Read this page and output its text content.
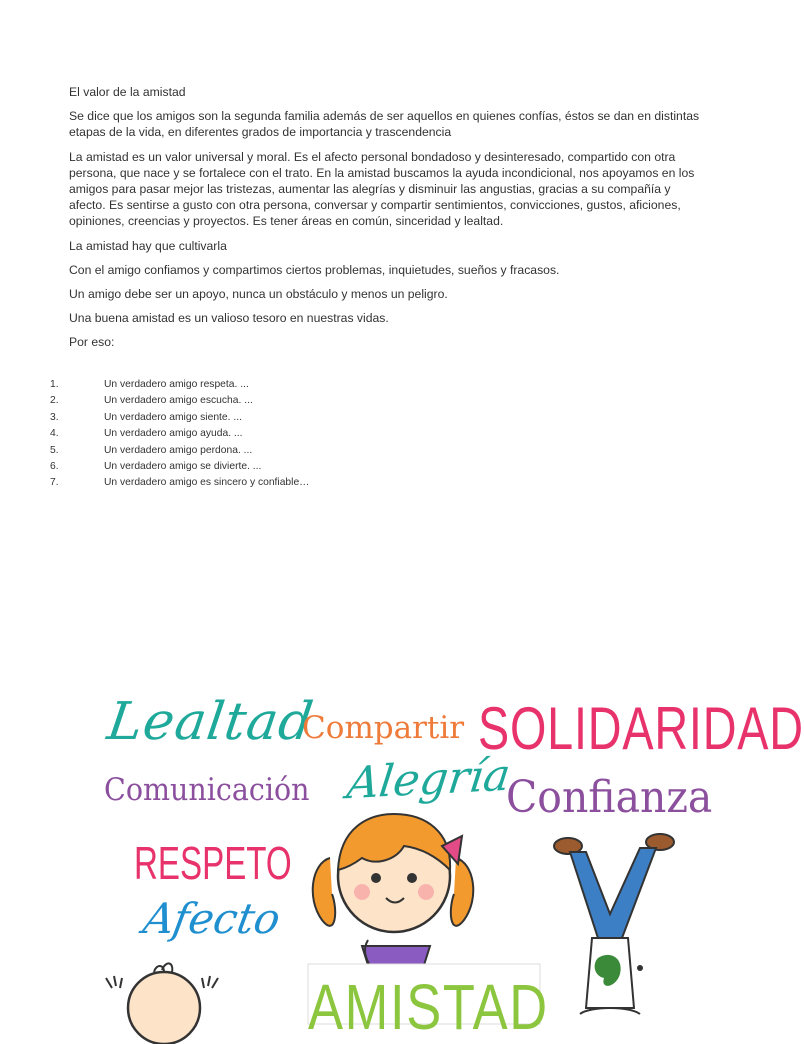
El valor de la amistad

Se dice que los amigos son la segunda familia además de ser aquellos en quienes confías, éstos se dan en distintas etapas de la vida, en diferentes grados de importancia y trascendencia

La amistad es un valor universal y moral. Es el afecto personal bondadoso y desinteresado, compartido con otra persona, que nace y se fortalece con el trato. En la amistad buscamos la ayuda incondicional, nos apoyamos en los amigos para pasar mejor las tristezas, aumentar las alegrías y disminuir las angustias, gracias a su compañía y afecto. Es sentirse a gusto con otra persona, conversar y compartir sentimientos, convicciones, gustos, aficiones, opiniones, creencias y proyectos. Es tener áreas en común, sinceridad y lealtad.

La amistad hay que cultivarla

Con el amigo confiamos y compartimos ciertos problemas, inquietudes, sueños y fracasos.

Un amigo debe ser un apoyo, nunca un obstáculo y menos un peligro.

Una buena amistad es un valioso tesoro en nuestras vidas.

Por eso:

1.	Un verdadero amigo respeta. ...
2.	Un verdadero amigo escucha. ...
3.	Un verdadero amigo siente. ...
4.	Un verdadero amigo ayuda. ...
5.	Un verdadero amigo perdona. ...
6.	Un verdadero amigo se divierte. ...
7.	Un verdadero amigo es sincero y confiable…
Lealtad
Compartir SOLIDARIDAD
Comunicación Alegría
Confianza
RESPETO
Afecto
AMISTAD
